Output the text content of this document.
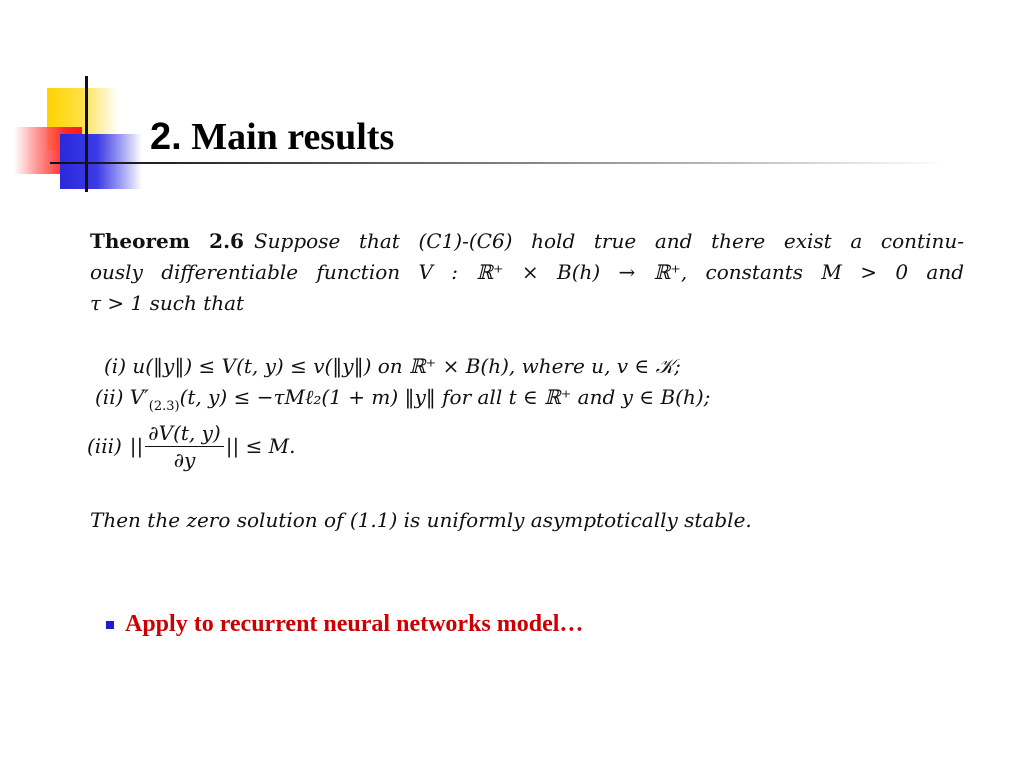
2. Main results
Theorem 2.6 Suppose that (C1)-(C6) hold true and there exist a continu-
ously differentiable function V : ℝ⁺ × B(h) → ℝ⁺, constants M > 0 and
τ > 1 such that
(i) u(‖y‖) ≤ V(t, y) ≤ v(‖y‖) on ℝ⁺ × B(h), where u, v ∈ 𝒦;
(ii) $V'_{(2.3)}(t$, y) ≤ −τMℓ₂(1 + m) ‖y‖ for all t ∈ ℝ⁺ and y ∈ B(h);
(iii) || $\frac{\partial V(t, y)}{\partial y}$ || ≤ M.
Then the zero solution of (1.1) is uniformly asymptotically stable.
Apply to recurrent neural networks model…
